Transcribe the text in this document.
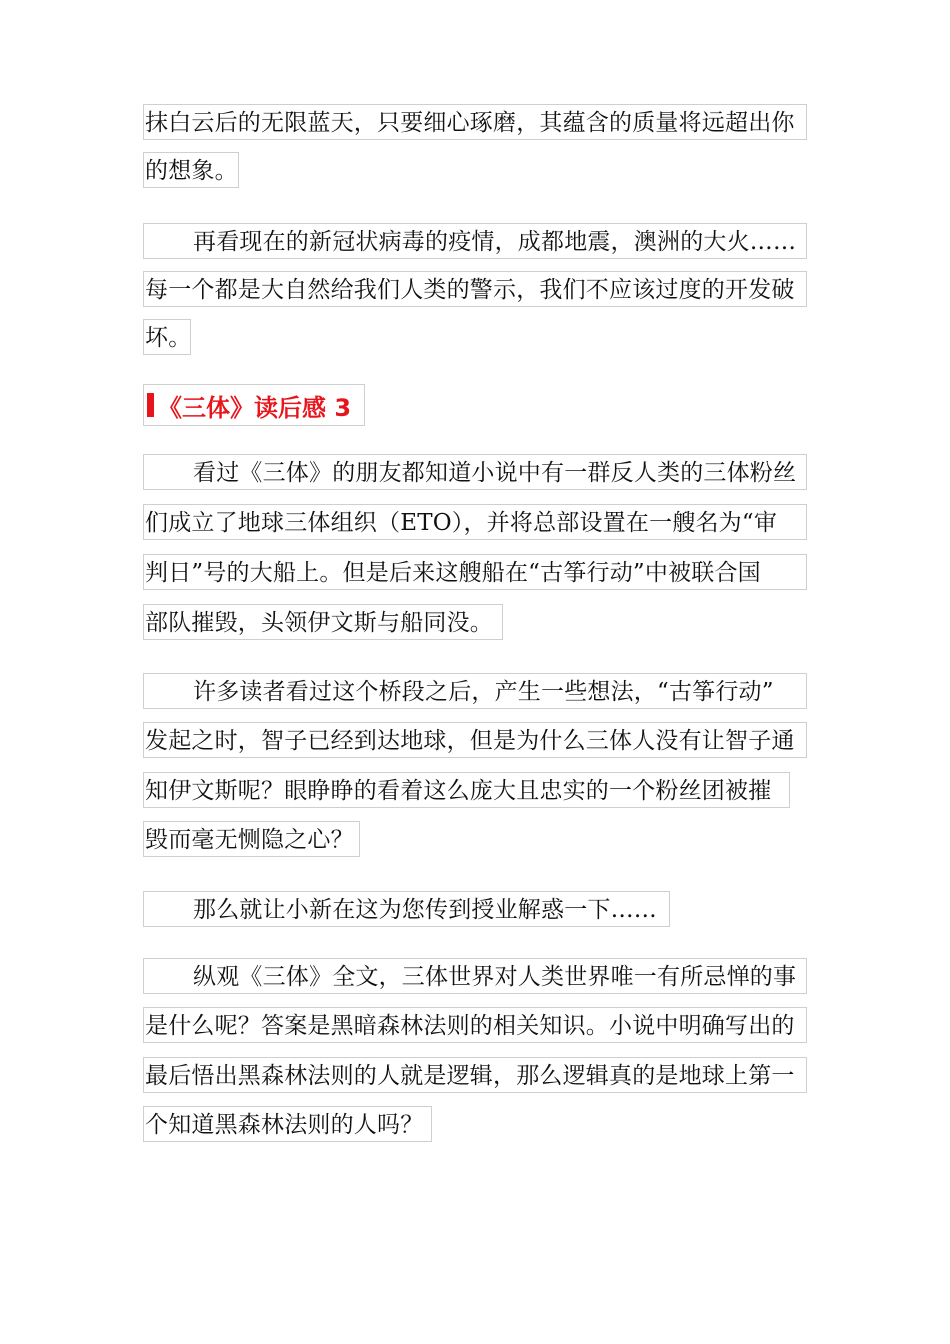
抹白云后的无限蓝天，只要细心琢磨，其蕴含的质量将远超出你
的想象。
再看现在的新冠状病毒的疫情，成都地震，澳洲的大火……
每一个都是大自然给我们人类的警示，我们不应该过度的开发破
坏。
《三体》读后感 3
看过《三体》的朋友都知道小说中有一群反人类的三体粉丝
们成立了地球三体组织（ETO），并将总部设置在一艘名为“审
判日”号的大船上。但是后来这艘船在“古筝行动”中被联合国
部队摧毁，头领伊文斯与船同没。
许多读者看过这个桥段之后，产生一些想法，“古筝行动”
发起之时，智子已经到达地球，但是为什么三体人没有让智子通
知伊文斯呢？眼睁睁的看着这么庞大且忠实的一个粉丝团被摧
毁而毫无恻隐之心？
那么就让小新在这为您传到授业解惑一下……
纵观《三体》全文，三体世界对人类世界唯一有所忌惮的事
是什么呢？答案是黑暗森林法则的相关知识。小说中明确写出的
最后悟出黑森林法则的人就是逻辑，那么逻辑真的是地球上第一
个知道黑森林法则的人吗？
